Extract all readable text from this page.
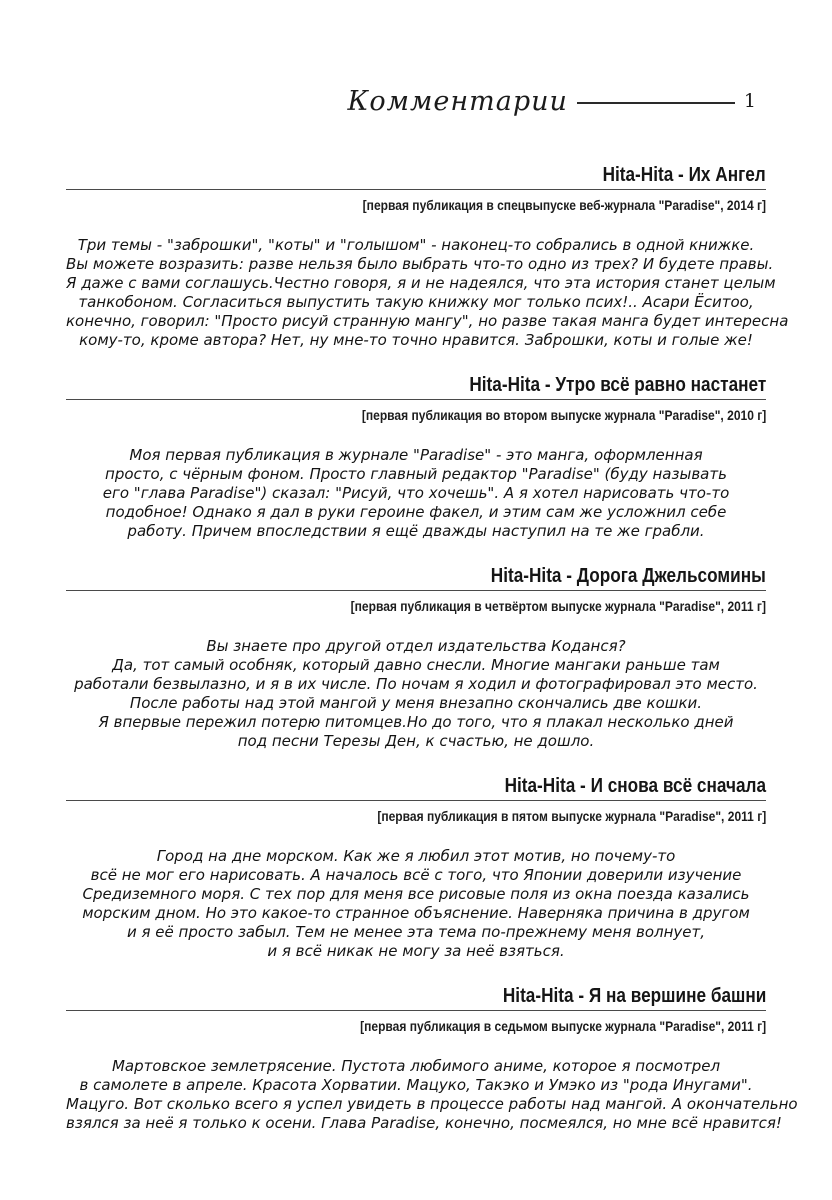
Комментарии	1
Hita-Hita - Их Ангел
[первая публикация в спецвыпуске веб-журнала "Paradise", 2014 г]
Три темы - "заброшки", "коты" и "голышом" - наконец-то собрались в одной книжке.
Вы можете возразить: разве нельзя было выбрать что-то одно из трех? И будете правы.
Я даже с вами соглашусь.Честно говоря, я и не надеялся, что эта история станет целым
танкобоном. Согласиться выпустить такую книжку мог только псих!.. Асари Ёситоо,
конечно, говорил: "Просто рисуй странную мангу", но разве такая манга будет интересна
кому-то, кроме автора? Нет, ну мне-то точно нравится. Заброшки, коты и голые же!
Hita-Hita - Утро всё равно настанет
[первая публикация во втором выпуске журнала "Paradise", 2010 г]
Моя первая публикация в журнале "Paradise" - это манга, оформленная
просто, с чёрным фоном. Просто главный редактор "Paradise" (буду называть
его "глава Paradise") сказал: "Рисуй, что хочешь". А я хотел нарисовать что-то
подобное! Однако я дал в руки героине факел, и этим сам же усложнил себе
работу. Причем впоследствии я ещё дважды наступил на те же грабли.
Hita-Hita - Дорога Джельсомины
[первая публикация в четвёртом выпуске журнала "Paradise", 2011 г]
Вы знаете про другой отдел издательства Коданся?
Да, тот самый особняк, который давно снесли. Многие мангаки раньше там
работали безвылазно, и я в их числе. По ночам я ходил и фотографировал это место.
После работы над этой мангой у меня внезапно скончались две кошки.
Я впервые пережил потерю питомцев.Но до того, что я плакал несколько дней
под песни Терезы Ден, к счастью, не дошло.
Hita-Hita - И снова всё сначала
[первая публикация в пятом выпуске журнала "Paradise", 2011 г]
Город на дне морском. Как же я любил этот мотив, но почему-то
всё не мог его нарисовать. А началось всё с того, что Японии доверили изучение
Средиземного моря. С тех пор для меня все рисовые поля из окна поезда казались
морским дном. Но это какое-то странное объяснение. Наверняка причина в другом
и я её просто забыл. Тем не менее эта тема по-прежнему меня волнует,
и я всё никак не могу за неё взяться.
Hita-Hita - Я на вершине башни
[первая публикация в седьмом выпуске журнала "Paradise", 2011 г]
Мартовское землетрясение. Пустота любимого аниме, которое я посмотрел
в самолете в апреле. Красота Хорватии. Мацуко, Такэко и Умэко из "рода Инугами".
Мацуго. Вот сколько всего я успел увидеть в процессе работы над мангой. А окончательно
взялся за неё я только к осени. Глава Paradise, конечно, посмеялся, но мне всё нравится!
